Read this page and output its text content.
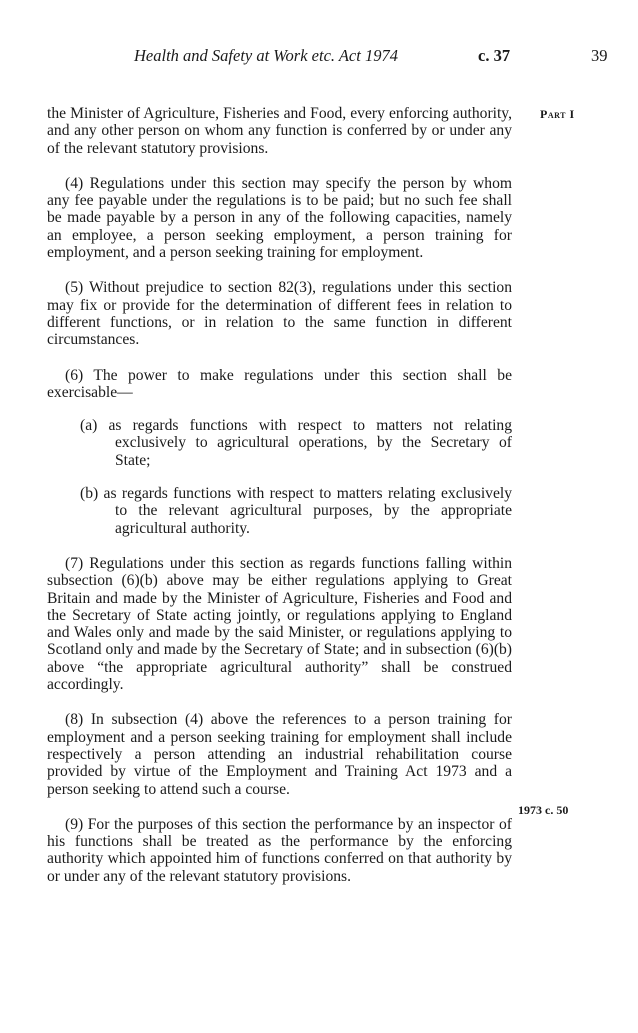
Health and Safety at Work etc. Act 1974	c. 37	39
Part I
1973 c. 50

the Minister of Agriculture, Fisheries and Food, every enforcing authority, and any other person on whom any function is conferred by or under any of the relevant statutory provisions.

(4) Regulations under this section may specify the person by whom any fee payable under the regulations is to be paid; but no such fee shall be made payable by a person in any of the following capacities, namely an employee, a person seeking employment, a person training for employment, and a person seeking training for employment.

(5) Without prejudice to section 82(3), regulations under this section may fix or provide for the determination of different fees in relation to different functions, or in relation to the same function in different circumstances.

(6) The power to make regulations under this section shall be exercisable—

(a) as regards functions with respect to matters not relating exclusively to agricultural operations, by the Secretary of State;

(b) as regards functions with respect to matters relating exclusively to the relevant agricultural purposes, by the appropriate agricultural authority.

(7) Regulations under this section as regards functions falling within subsection (6)(b) above may be either regulations applying to Great Britain and made by the Minister of Agriculture, Fisheries and Food and the Secretary of State acting jointly, or regulations applying to England and Wales only and made by the said Minister, or regulations applying to Scotland only and made by the Secretary of State; and in subsection (6)(b) above “the appropriate agricultural authority” shall be construed accordingly.

(8) In subsection (4) above the references to a person training for employment and a person seeking training for employment shall include respectively a person attending an industrial rehabilitation course provided by virtue of the Employment and Training Act 1973 and a person seeking to attend such a course.

(9) For the purposes of this section the performance by an inspector of his functions shall be treated as the performance by the enforcing authority which appointed him of functions conferred on that authority by or under any of the relevant statutory provisions.
